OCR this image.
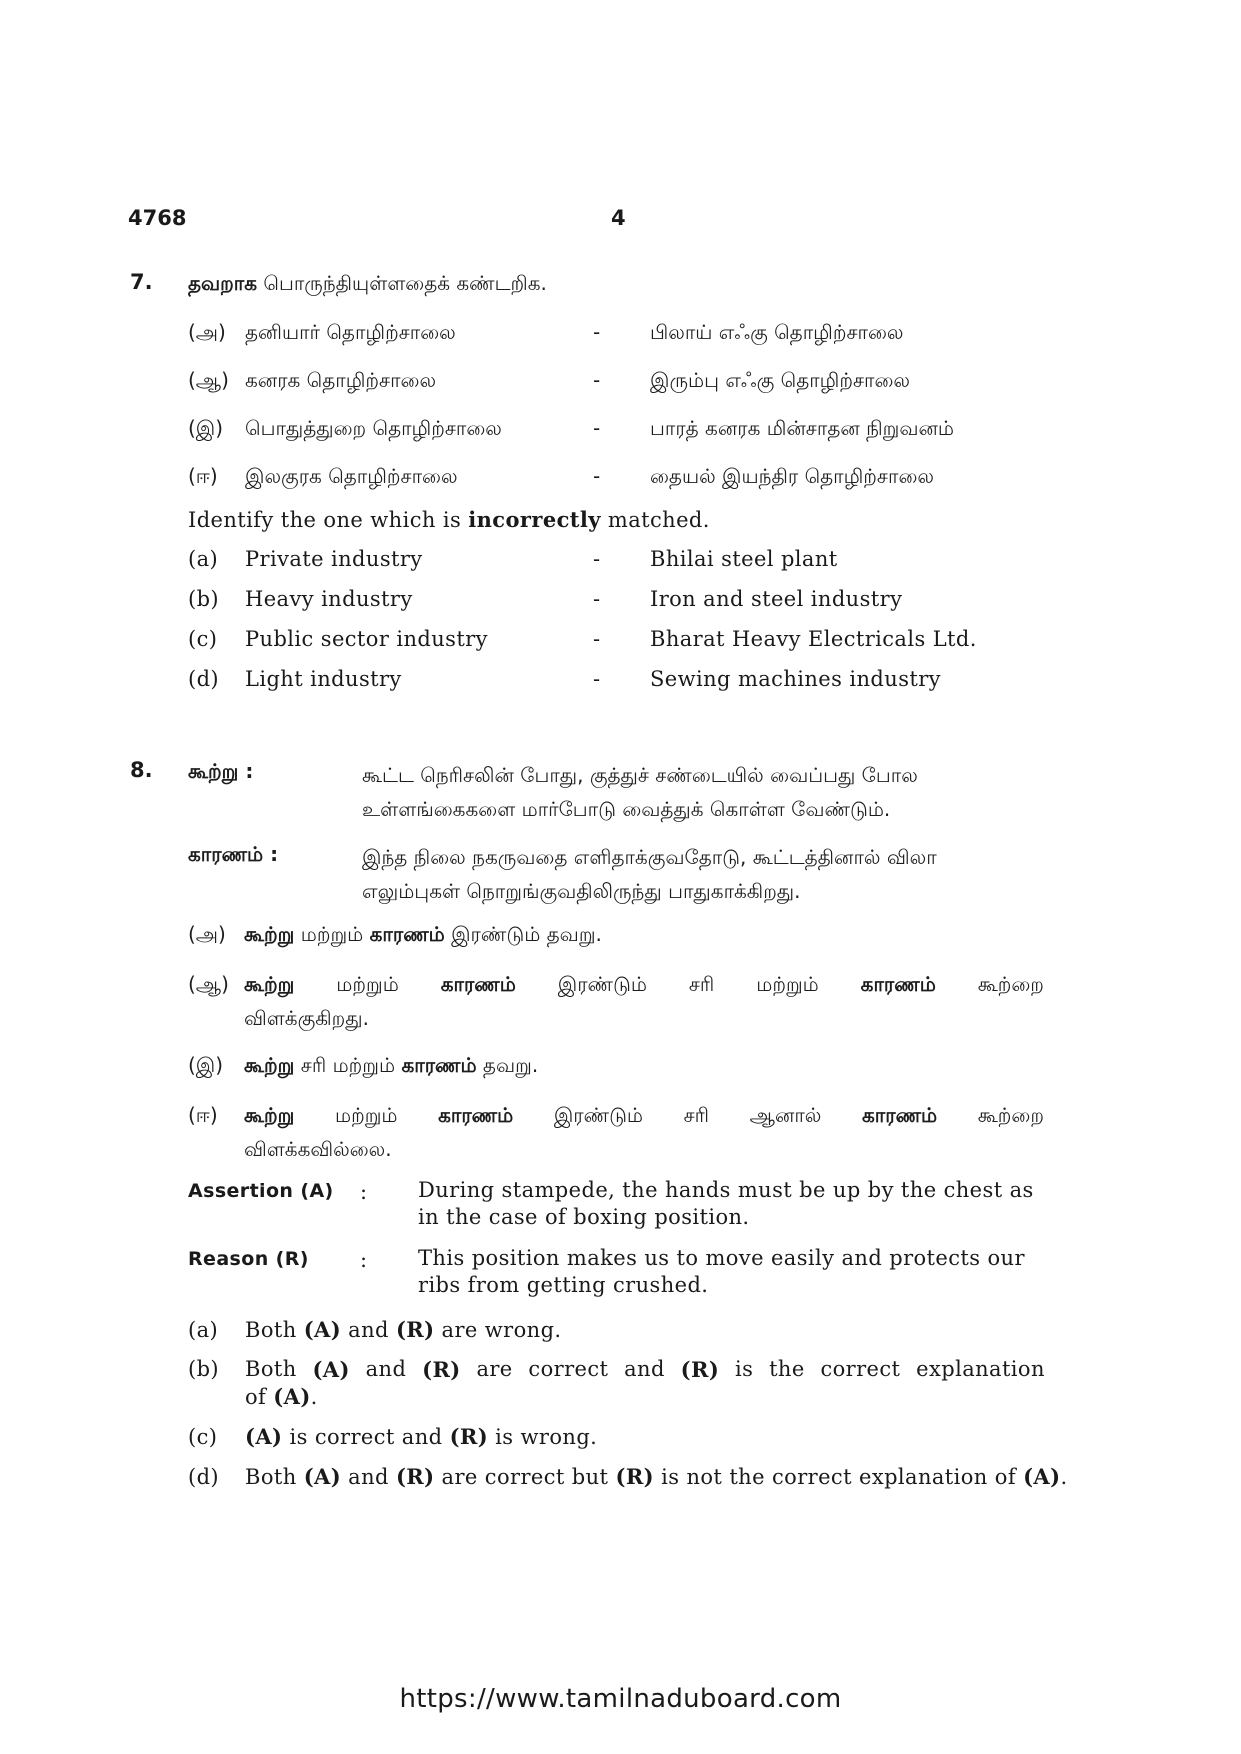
4768	4
7. தவறாக பொருந்தியுள்ளதைக் கண்டறிக.
(அ) தனியார் தொழிற்சாலை	- பிலாய் எஃகு தொழிற்சாலை
(ஆ) கனரக தொழிற்சாலை	- இரும்பு எஃகு தொழிற்சாலை
(இ) பொதுத்துறை தொழிற்சாலை	- பாரத் கனரக மின்சாதன நிறுவனம்
(ஈ) இலகுரக தொழிற்சாலை	- தையல் இயந்திர தொழிற்சாலை
Identify the one which is incorrectly matched.
(a) Private industry	- Bhilai steel plant
(b) Heavy industry	- Iron and steel industry
(c) Public sector industry	- Bharat Heavy Electricals Ltd.
(d) Light industry	- Sewing machines industry
8. கூற்று :	கூட்ட நெரிசலின் போது, குத்துச் சண்டையில் வைப்பது போல
உள்ளங்கைகளை மார்போடு வைத்துக் கொள்ள வேண்டும்.
காரணம் :	இந்த நிலை நகருவதை எளிதாக்குவதோடு, கூட்டத்தினால் விலா
எலும்புகள் நொறுங்குவதிலிருந்து பாதுகாக்கிறது.
(அ) கூற்று மற்றும் காரணம் இரண்டும் தவறு.
(ஆ) கூற்று மற்றும் காரணம் இரண்டும் சரி மற்றும் காரணம் கூற்றை
விளக்குகிறது.
(இ) கூற்று சரி மற்றும் காரணம் தவறு.
(ஈ) கூற்று மற்றும் காரணம் இரண்டும் சரி ஆனால் காரணம் கூற்றை
விளக்கவில்லை.
Assertion (A) : During stampede, the hands must be up by the chest as
in the case of boxing position.
Reason (R) : This position makes us to move easily and protects our
ribs from getting crushed.
(a) Both (A) and (R) are wrong.
(b) Both (A) and (R) are correct and (R) is the correct explanation
of (A).
(c) (A) is correct and (R) is wrong.
(d) Both (A) and (R) are correct but (R) is not the correct explanation of (A).
https://www.tamilnaduboard.com
